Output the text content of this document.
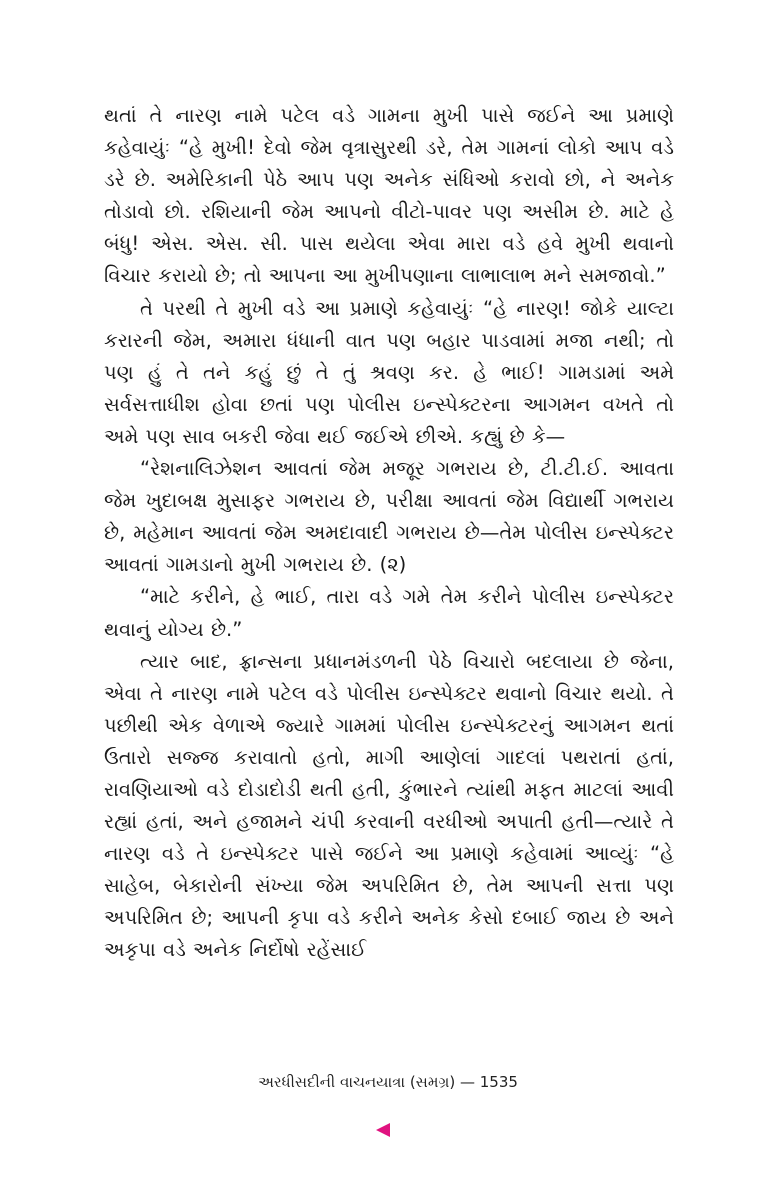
થતાં તે નારણ નામે પટેલ વડે ગામના મુખી પાસે જઈને આ પ્રમાણે કહેવાયુંઃ “હે મુખી! દેવો જેમ વૃત્રાસુરથી ડરે, તેમ ગામનાં લોકો આપ વડે ડરે છે. અમેરિકાની પેઠે આપ પણ અનેક સંધિઓ કરાવો છો, ને અનેક તોડાવો છો. રશિયાની જેમ આપનો વીટો-પાવર પણ અસીમ છે. માટે હે બંધુ! એસ. એસ. સી. પાસ થયેલા એવા મારા વડે હવે મુખી થવાનો વિચાર કરાયો છે; તો આપના આ મુખીપણાના લાભાલાભ મને સમજાવો.”

તે પરથી તે મુખી વડે આ પ્રમાણે કહેવાયુંઃ “હે નારણ! જોકે યાલ્ટા કરારની જેમ, અમારા ધંધાની વાત પણ બહાર પાડવામાં મજા નથી; તો પણ હું તે તને કહું છું તે તું શ્રવણ કર. હે ભાઈ! ગામડામાં અમે સર્વસત્તાધીશ હોવા છતાં પણ પોલીસ ઇન્સ્પેક્ટરના આગમન વખતે તો અમે પણ સાવ બકરી જેવા થઈ જઈએ છીએ. કહ્યું છે કે—

“રેશનાલિઝેશન આવતાં જેમ મજૂર ગભરાય છે, ટી.ટી.ઈ. આવતા જેમ ખુદાબક્ષ મુસાફર ગભરાય છે, પરીક્ષા આવતાં જેમ વિદ્યાર્થી ગભરાય છે, મહેમાન આવતાં જેમ અમદાવાદી ગભરાય છે—તેમ પોલીસ ઇન્સ્પેક્ટર આવતાં ગામડાનો મુખી ગભરાય છે. (૨)

“માટે કરીને, હે ભાઈ, તારા વડે ગમે તેમ કરીને પોલીસ ઇન્સ્પેક્ટર થવાનું યોગ્ય છે.”

ત્યાર બાદ, ફ્રાન્સના પ્રધાનમંડળની પેઠે વિચારો બદલાયા છે જેના, એવા તે નારણ નામે પટેલ વડે પોલીસ ઇન્સ્પેક્ટર થવાનો વિચાર થયો. તે પછીથી એક વેળાએ જ્યારે ગામમાં પોલીસ ઇન્સ્પેક્ટરનું આગમન થતાં ઉતારો સજ્જ કરાવાતો હતો, માગી આણેલાં ગાદલાં પથરાતાં હતાં, રાવણિયાઓ વડે દોડાદોડી થતી હતી, કુંભારને ત્યાંથી મફત માટલાં આવી રહ્યાં હતાં, અને હજામને ચંપી કરવાની વરધીઓ અપાતી હતી—ત્યારે તે નારણ વડે તે ઇન્સ્પેક્ટર પાસે જઈને આ પ્રમાણે કહેવામાં આવ્યુંઃ “હે સાહેબ, બેકારોની સંખ્યા જેમ અપરિમિત છે, તેમ આપની સત્તા પણ અપરિમિત છે; આપની કૃપા વડે કરીને અનેક કેસો દબાઈ જાય છે અને અકૃપા વડે અનેક નિર્દોષો રહેંસાઈ

અરધીસદીની વાચનયાત્રા (સમગ્ર) — 1535
